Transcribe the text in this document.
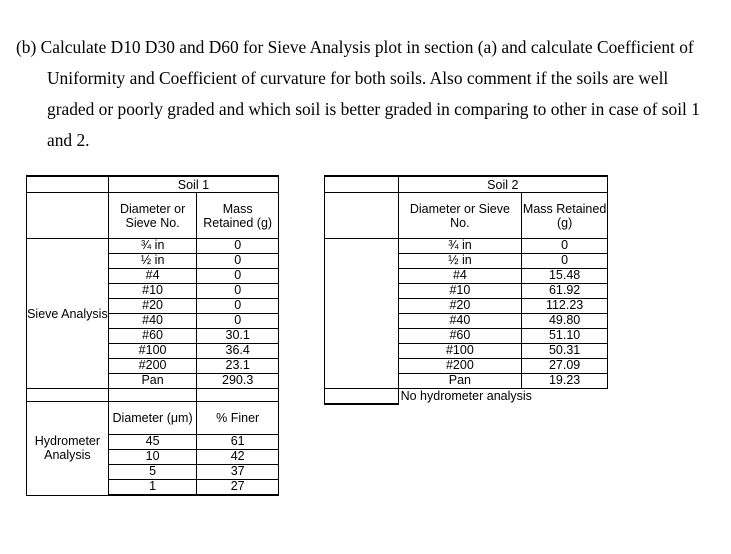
(b) Calculate D10 D30 and D60 for Sieve Analysis plot in section (a) and calculate Coefficient of
Uniformity and Coefficient of curvature for both soils. Also comment if the soils are well
graded or poorly graded and which soil is better graded in comparing to other in case of soil 1
and 2.
	Soil 1	
	Diameter or Sieve No.	Mass Retained (g)
Sieve Analysis	¾ in	0
	½ in	0
	#4	0
	#10	0
	#20	0
	#40	0
	#60	30.1
	#100	36.4
	#200	23.1
	Pan	290.3

Hydrometer Analysis	Diameter (μm)	% Finer
	45	61
	10	42
	5	37
	1	27
	Soil 2	
	Diameter or Sieve No.	Mass Retained (g)
	¾ in	0
	½ in	0
	#4	15.48
	#10	61.92
	#20	112.23
	#40	49.80
	#60	51.10
	#100	50.31
	#200	27.09
	Pan	19.23
	No hydrometer analysis	
